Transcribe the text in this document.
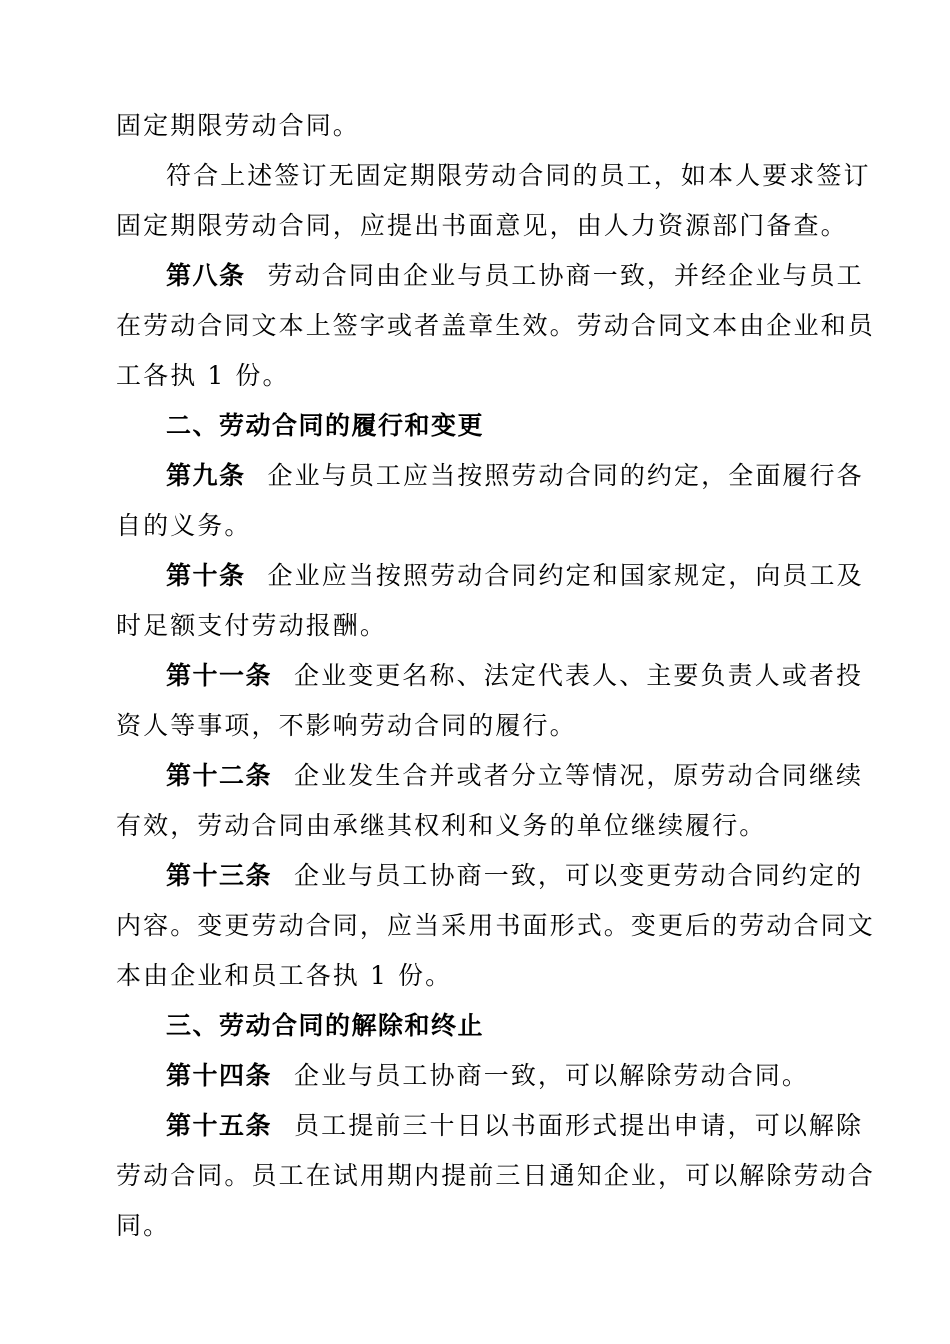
固定期限劳动合同。
符合上述签订无固定期限劳动合同的员工，如本人要求签订
固定期限劳动合同，应提出书面意见，由人力资源部门备查。
第八条 劳动合同由企业与员工协商一致，并经企业与员工
在劳动合同文本上签字或者盖章生效。劳动合同文本由企业和员
工各执 1 份。
二、劳动合同的履行和变更
第九条 企业与员工应当按照劳动合同的约定，全面履行各
自的义务。
第十条 企业应当按照劳动合同约定和国家规定，向员工及
时足额支付劳动报酬。
第十一条 企业变更名称、法定代表人、主要负责人或者投
资人等事项，不影响劳动合同的履行。
第十二条 企业发生合并或者分立等情况，原劳动合同继续
有效，劳动合同由承继其权利和义务的单位继续履行。
第十三条 企业与员工协商一致，可以变更劳动合同约定的
内容。变更劳动合同，应当采用书面形式。变更后的劳动合同文
本由企业和员工各执 1 份。
三、劳动合同的解除和终止
第十四条 企业与员工协商一致，可以解除劳动合同。
第十五条 员工提前三十日以书面形式提出申请，可以解除
劳动合同。员工在试用期内提前三日通知企业，可以解除劳动合
同。
